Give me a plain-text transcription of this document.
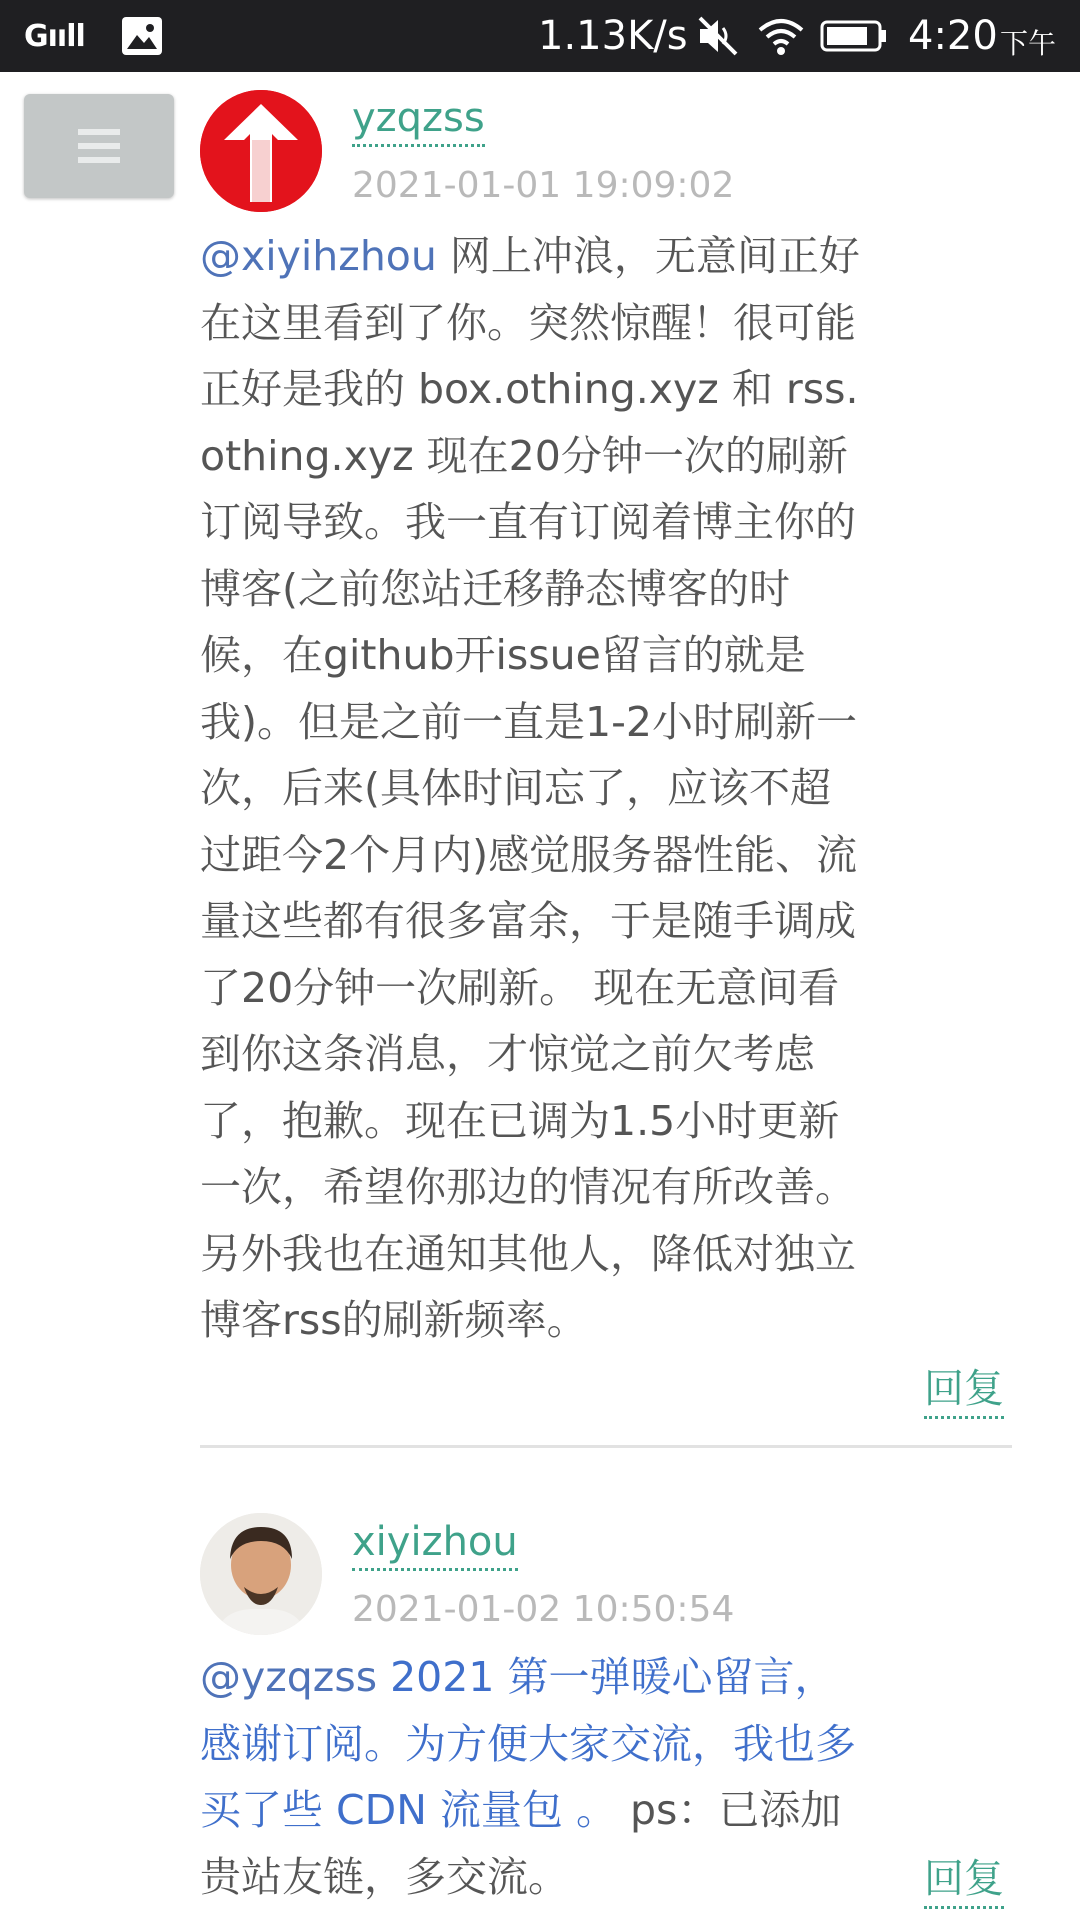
Gııll	1.13K/s	4:20 下午
yzqzss
2021-01-01 19:09:02
@xiyihzhou 网上冲浪，无意间正好在这里看到了你。突然惊醒！很可能正好是我的 box.othing.xyz 和 rss.othing.xyz 现在20分钟一次的刷新订阅导致。我一直有订阅着博主你的博客(之前您站迁移静态博客的时候，在github开issue留言的就是我)。但是之前一直是1-2小时刷新一次，后来(具体时间忘了，应该不超过距今2个月内)感觉服务器性能、流量这些都有很多富余，于是随手调成了20分钟一次刷新。 现在无意间看到你这条消息，才惊觉之前欠考虑了，抱歉。现在已调为1.5小时更新一次，希望你那边的情况有所改善。另外我也在通知其他人，降低对独立博客rss的刷新频率。
回复
xiyizhou
2021-01-02 10:50:54
@yzqzss 2021 第一弹暖心留言，感谢订阅。为方便大家交流，我也多买了些 CDN 流量包 。 ps：已添加贵站友链，多交流。	回复
